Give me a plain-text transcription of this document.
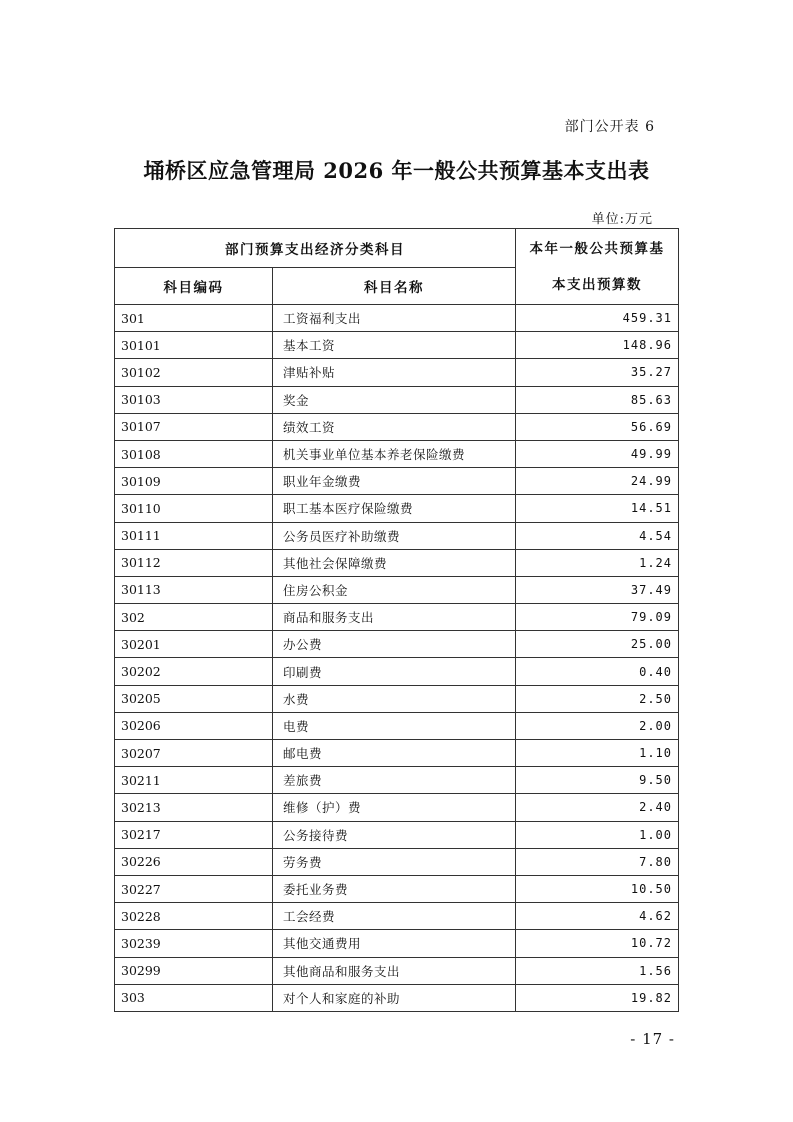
部门公开表 6
埇桥区应急管理局 2026 年一般公共预算基本支出表
单位:万元
部门预算支出经济分类科目		本年一般公共预算基
本支出预算数

科目编码	科目名称	
301	工资福利支出	459.31
30101	基本工资	148.96
30102	津贴补贴	35.27
30103	奖金	85.63
30107	绩效工资	56.69
30108	机关事业单位基本养老保险缴费	49.99
30109	职业年金缴费	24.99
30110	职工基本医疗保险缴费	14.51
30111	公务员医疗补助缴费	4.54
30112	其他社会保障缴费	1.24
30113	住房公积金	37.49
302	商品和服务支出	79.09
30201	办公费	25.00
30202	印刷费	0.40
30205	水费	2.50
30206	电费	2.00
30207	邮电费	1.10
30211	差旅费	9.50
30213	维修（护）费	2.40
30217	公务接待费	1.00
30226	劳务费	7.80
30227	委托业务费	10.50
30228	工会经费	4.62
30239	其他交通费用	10.72
30299	其他商品和服务支出	1.56
303	对个人和家庭的补助	19.82
- 17 -
